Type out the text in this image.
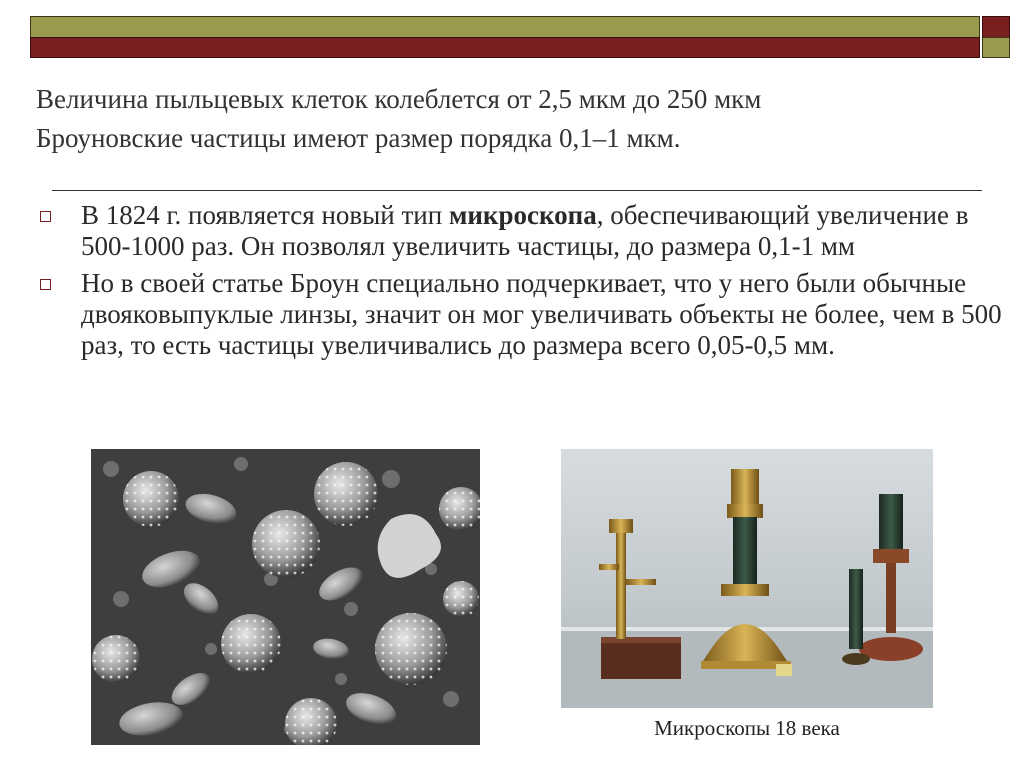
Величина пыльцевых клеток колеблется от 2,5 мкм до 250 мкм
Броуновские частицы имеют размер порядка 0,1–1 мкм.
В 1824 г. появляется новый тип микроскопа, обеспечивающий увеличение в 500-1000 раз. Он позволял увеличить частицы, до размера 0,1-1 мм
Но в своей статье Броун специально подчеркивает, что у него были обычные двояковыпуклые линзы, значит он мог увеличивать объекты не более, чем в 500 раз, то есть частицы увеличивались до размера всего 0,05-0,5 мм.
Микроскопы 18 века
